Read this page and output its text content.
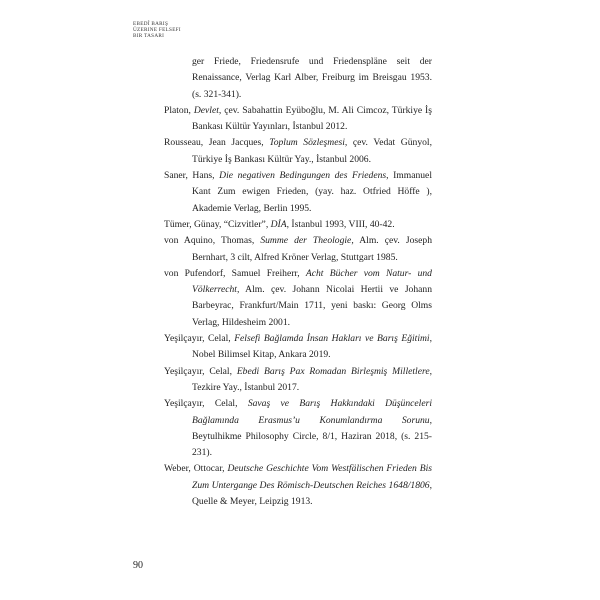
EBEDÎ BARIŞ
ÜZERINE FELSEFI
BIR TASARI

ger Friede, Friedensrufe und Friedenspläne seit der Renaissance, Verlag Karl Alber, Freiburg im Breisgau 1953. (s. 321-341).

Platon, Devlet, çev. Sabahattin Eyüboğlu, M. Ali Cimcoz, Türkiye İş Bankası Kültür Yayınları, İstanbul 2012.

Rousseau, Jean Jacques, Toplum Sözleşmesi, çev. Vedat Günyol, Türkiye İş Bankası Kültür Yay., İstanbul 2006.

Saner, Hans, Die negativen Bedingungen des Friedens, Immanuel Kant Zum ewigen Frieden, (yay. haz. Otfried Höffe ), Akademie Verlag, Berlin 1995.

Tümer, Günay, “Cizvitler”, DİA, İstanbul 1993, VIII, 40-42.

von Aquino, Thomas, Summe der Theologie, Alm. çev. Joseph Bernhart, 3 cilt, Alfred Kröner Verlag, Stuttgart 1985.

von Pufendorf, Samuel Freiherr, Acht Bücher vom Natur- und Völkerrecht, Alm. çev. Johann Nicolai Hertii ve Johann Barbeyrac, Frankfurt/Main 1711, yeni baskı: Georg Olms Verlag, Hildesheim 2001.

Yeşilçayır, Celal, Felsefi Bağlamda İnsan Hakları ve Barış Eğitimi, Nobel Bilimsel Kitap, Ankara 2019.

Yeşilçayır, Celal, Ebedi Barış Pax Romadan Birleşmiş Milletlere, Tezkire Yay., İstanbul 2017.

Yeşilçayır, Celal, Savaş ve Barış Hakkındaki Düşünceleri Bağlamında Erasmus’u Konumlandırma Sorunu, Beytulhikme Philosophy Circle, 8/1, Haziran 2018, (s. 215-231).

Weber, Ottocar, Deutsche Geschichte Vom Westfälischen Frieden Bis Zum Untergange Des Römisch-Deutschen Reiches 1648/1806, Quelle & Meyer, Leipzig 1913.

90
